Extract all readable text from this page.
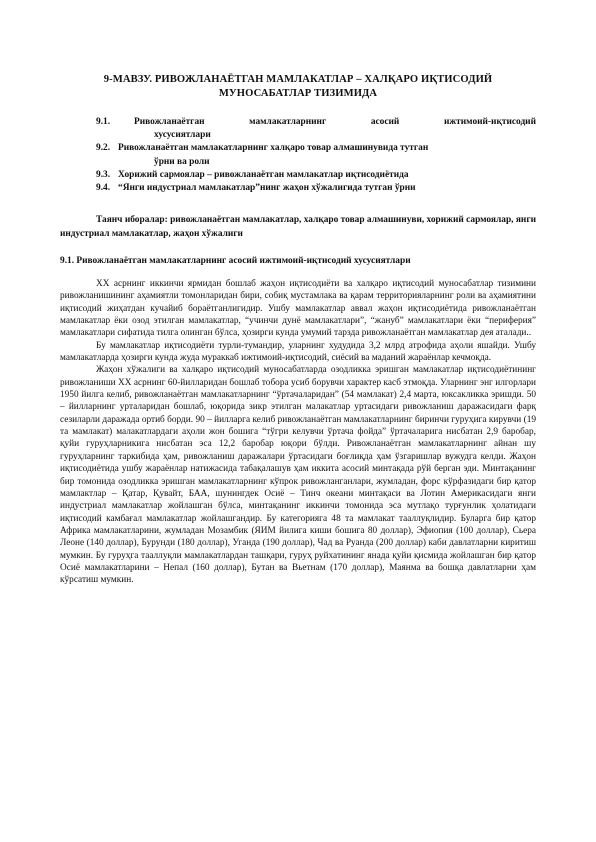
9-МАВЗУ. РИВОЖЛАНАЁТГАН МАМЛАКАТЛАР – ХАЛҚАРО ИҚТИСОДИЙ
МУНОСАБАТЛАР ТИЗИМИДА
9.1.	Ривожланаётган мамлакатларнинг асосий ижтимоий-иқтисодий
хусусиятлари
9.2. Ривожланаётган мамлакатларнинг халқаро товар алмашинувида тутган
ўрни ва роли
9.3. Хорижий сармоялар – ривожланаётган мамлакатлар иқтисодиётида
9.4. “Янги индустриал мамлакатлар”нинг жаҳон хўжалигида тутган ўрни
Таянч иборалар: ривожланаётган мамлакатлар, халқаро товар алмашинуви, хорижий сармоялар, янги индустриал мамлакатлар, жаҳон хўжалиги
9.1. Ривожланаётган мамлакатларнинг асосий ижтимоий-иқтисодий хусусиятлари

XX асрнинг иккинчи ярмидан бошлаб жаҳон иқтисодиёти ва халқаро иқтисодий муносабатлар тизимини ривожланишининг аҳамиятли томонларидан бири, собиқ мустамлака ва қарам территорияларнинг роли ва аҳамиятини иқтисодий жиҳатдан кучайиб бораётганлигидир. Ушбу мамлакатлар аввал жаҳон иқтисодиётида ривожланаётган мамлакатлар ёки озод этилган мамлакатлар, “учинчи дунё мамлакатлари”, “жануб” мамлакатлари ёки “периферия” мамлакатлари сифатида тилга олинган бўлса, ҳозирги кунда умумий тарзда ривожланаётган мамлакатлар дея аталади..

Бу мамлакатлар иқтисодиёти турли-тумандир, уларнинг худудида 3,2 млрд атрофида аҳоли яшайди. Ушбу мамлакатларда ҳозирги кунда жуда мураккаб ижтимоий-иқтисодий, сиёсий ва маданий жараёнлар кечмоқда.

Жаҳон хўжалиги ва халқаро иқтисодий муносабатларда озодликка эришган мамлакатлар иқтисодиётининг ривожланиши XX асрнинг 60-йилларидан бошлаб тобора усиб борувчи характер касб этмоқда. Уларнинг энг илгорлари 1950 йилга келиб, ривожланаётган мамлакатларнинг “ўртачаларидан” (54 мамлакат) 2,4 марта, юксакликка эришди. 50 – йилларнинг урталаридан бошлаб, юқорида зикр этилган малакатлар уртасидаги ривожланиш даражасидаги фарқ сезиларли даражада ортиб борди. 90 – йилларга келиб ривожланаётган мамлакатларнинг биринчи гуруҳига кирувчи (19 та мамлакат) малакатлардаги аҳоли жон бошига “тўгри келувчи ўртача фойда” ўртачаларига нисбатан 2,9 баробар, қуйи гуруҳларникига нисбатан эса 12,2 баробар юқори бўлди. Ривожланаётган мамлакатларнинг айнан шу гуруҳларнинг таркибида ҳам, ривожланиш даражалари ўртасидаги боғлиқда ҳам ўзгаришлар вужудга келди. Жаҳон иқтисодиётида ушбу жараёнлар натижасида табақалашув ҳам иккита асосий минтақада рўй берган эди. Минтақанинг бир томонида озодликка эришган мамлакатларнинг кўпрок ривожланганлари, жумладан, форс кўрфазидаги бир қатор мамлактлар – Қатар, Қувайт, БАА, шунингдек Осиё – Тинч океани минтақаси ва Лотин Америкасидаги янги индустриал мамлакатлар жойлашган бўлса, минтақанинг иккинчи томонида эса мутлақо турғунлик ҳолатидаги иқтисодий камбағал мамлакатлар жойлашгандир. Бу категорияга 48 та мамлакат тааллуқлидир. Буларга бир қатор Африка мамлакатларини, жумладан Мозамбик (ЯИМ йилига киши бошига 80 доллар), Эфиопия (100 доллар), Сьера Леоне (140 доллар), Бурунди (180 доллар), Уганда (190 доллар), Чад ва Руанда (200 доллар) каби давлатларни киритиш мумкин. Бу гуруҳга тааллуқли мамлакатлардан ташқари, гуруҳ руйхатининг янада қуйи қисмида жойлашган бир қатор Осиё мамлакатларини – Непал (160 доллар), Бутан ва Вьетнам (170 доллар), Маянма ва бошқа давлатларни ҳам кўрсатиш мумкин.
